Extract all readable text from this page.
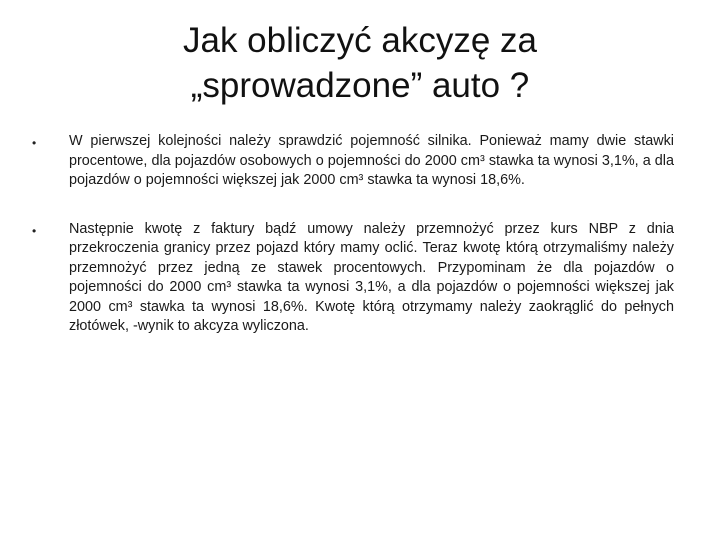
Jak obliczyć akcyzę za
„sprowadzone” auto ?
• W pierwszej kolejności należy sprawdzić pojemność silnika. Ponieważ mamy dwie stawki procentowe, dla pojazdów osobowych o pojemności do 2000 cm³ stawka ta wynosi 3,1%, a dla pojazdów o pojemności większej jak 2000 cm³ stawka ta wynosi 18,6%.
• Następnie kwotę z faktury bądź umowy należy przemnożyć przez kurs NBP z dnia przekroczenia granicy przez pojazd który mamy oclić. Teraz kwotę którą otrzymaliśmy należy przemnożyć przez jedną ze stawek procentowych. Przypominam że dla pojazdów o pojemności do 2000 cm³ stawka ta wynosi 3,1%, a dla pojazdów o pojemności większej jak 2000 cm³ stawka ta wynosi 18,6%. Kwotę którą otrzymamy należy zaokrąglić do pełnych złotówek, -wynik to akcyza wyliczona.
